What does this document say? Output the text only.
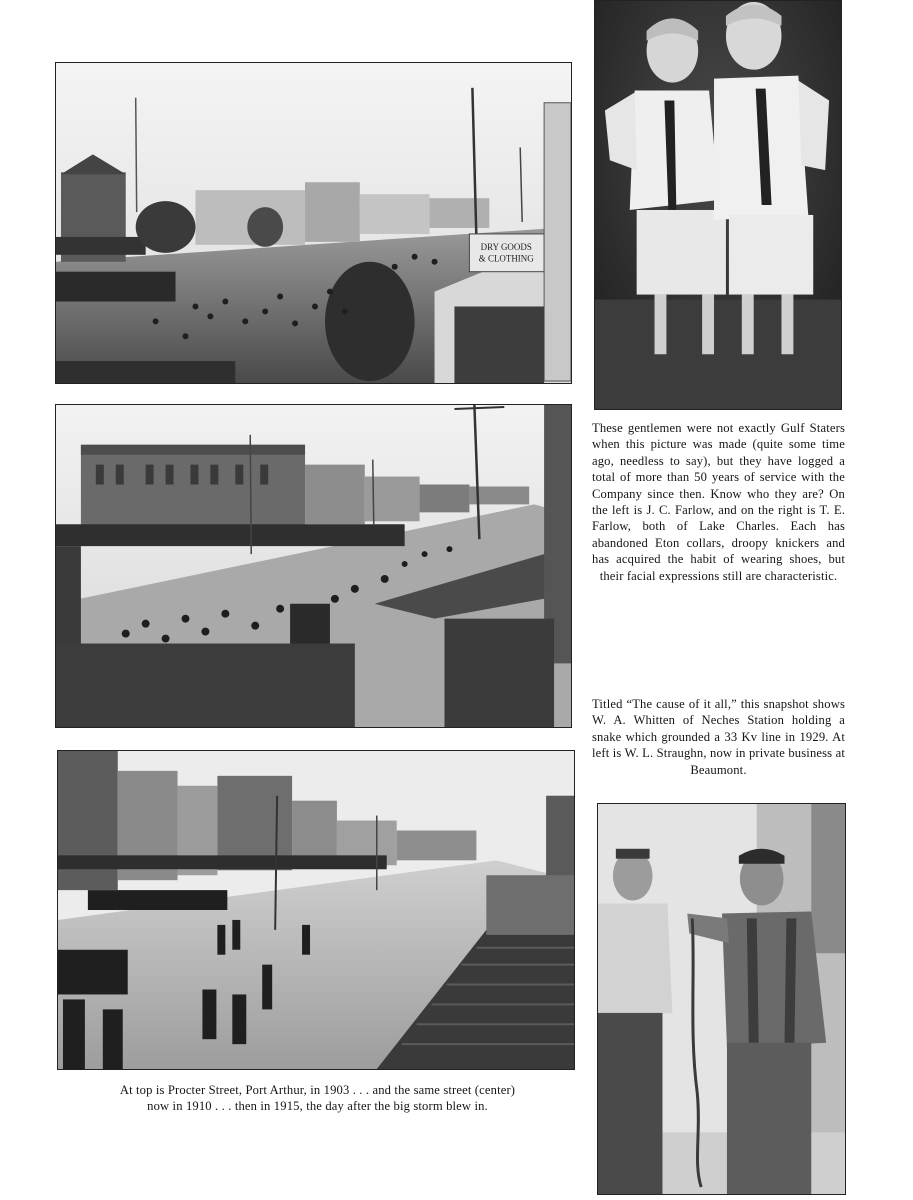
DRY GOODS
& CLOTHING

These gentlemen were not exactly Gulf Staters when this picture was made (quite some time ago, needless to say), but they have logged a total of more than 50 years of service with the Company since then. Know who they are? On the left is J. C. Farlow, and on the right is T. E. Farlow, both of Lake Charles. Each has abandoned Eton collars, droopy knickers and has acquired the habit of wearing shoes, but their facial expressions still are characteristic.

Titled “The cause of it all,” this snapshot shows W. A. Whitten of Neches Station holding a snake which grounded a 33 Kv line in 1929. At left is W. L. Straughn, now in private business at Beaumont.

At top is Procter Street, Port Arthur, in 1903 . . . and the same street (center)
now in 1910 . . . then in 1915, the day after the big storm blew in.
